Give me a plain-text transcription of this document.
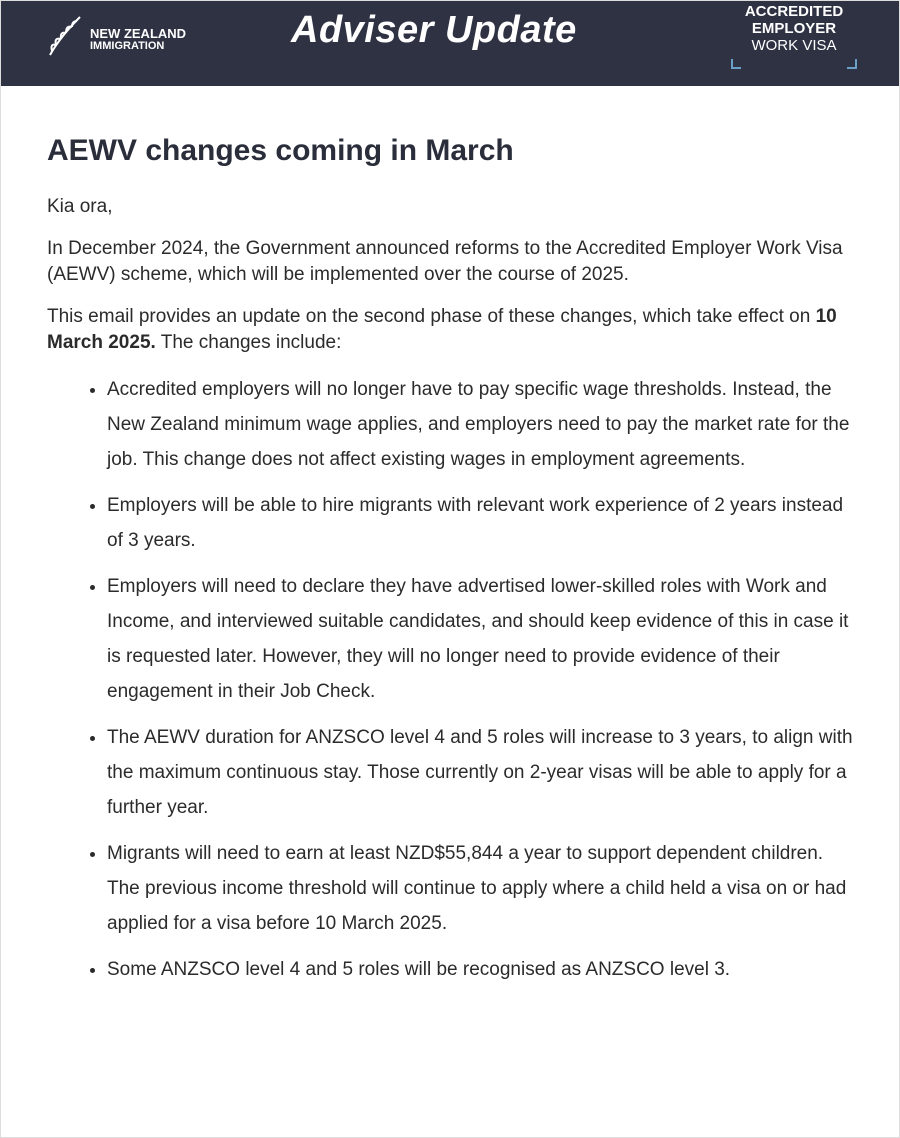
NEW ZEALAND
IMMIGRATION	Adviser Update	ACCREDITED
EMPLOYER
WORK VISA
AEWV changes coming in March

Kia ora,

In December 2024, the Government announced reforms to the Accredited Employer Work Visa (AEWV) scheme, which will be implemented over the course of 2025.

This email provides an update on the second phase of these changes, which take effect on 10 March 2025. The changes include:

• Accredited employers will no longer have to pay specific wage thresholds. Instead, the New Zealand minimum wage applies, and employers need to pay the market rate for the job. This change does not affect existing wages in employment agreements.
• Employers will be able to hire migrants with relevant work experience of 2 years instead of 3 years.
• Employers will need to declare they have advertised lower-skilled roles with Work and Income, and interviewed suitable candidates, and should keep evidence of this in case it is requested later. However, they will no longer need to provide evidence of their engagement in their Job Check.
• The AEWV duration for ANZSCO level 4 and 5 roles will increase to 3 years, to align with the maximum continuous stay. Those currently on 2-year visas will be able to apply for a further year.
• Migrants will need to earn at least NZD$55,844 a year to support dependent children. The previous income threshold will continue to apply where a child held a visa on or had applied for a visa before 10 March 2025.
• Some ANZSCO level 4 and 5 roles will be recognised as ANZSCO level 3.
